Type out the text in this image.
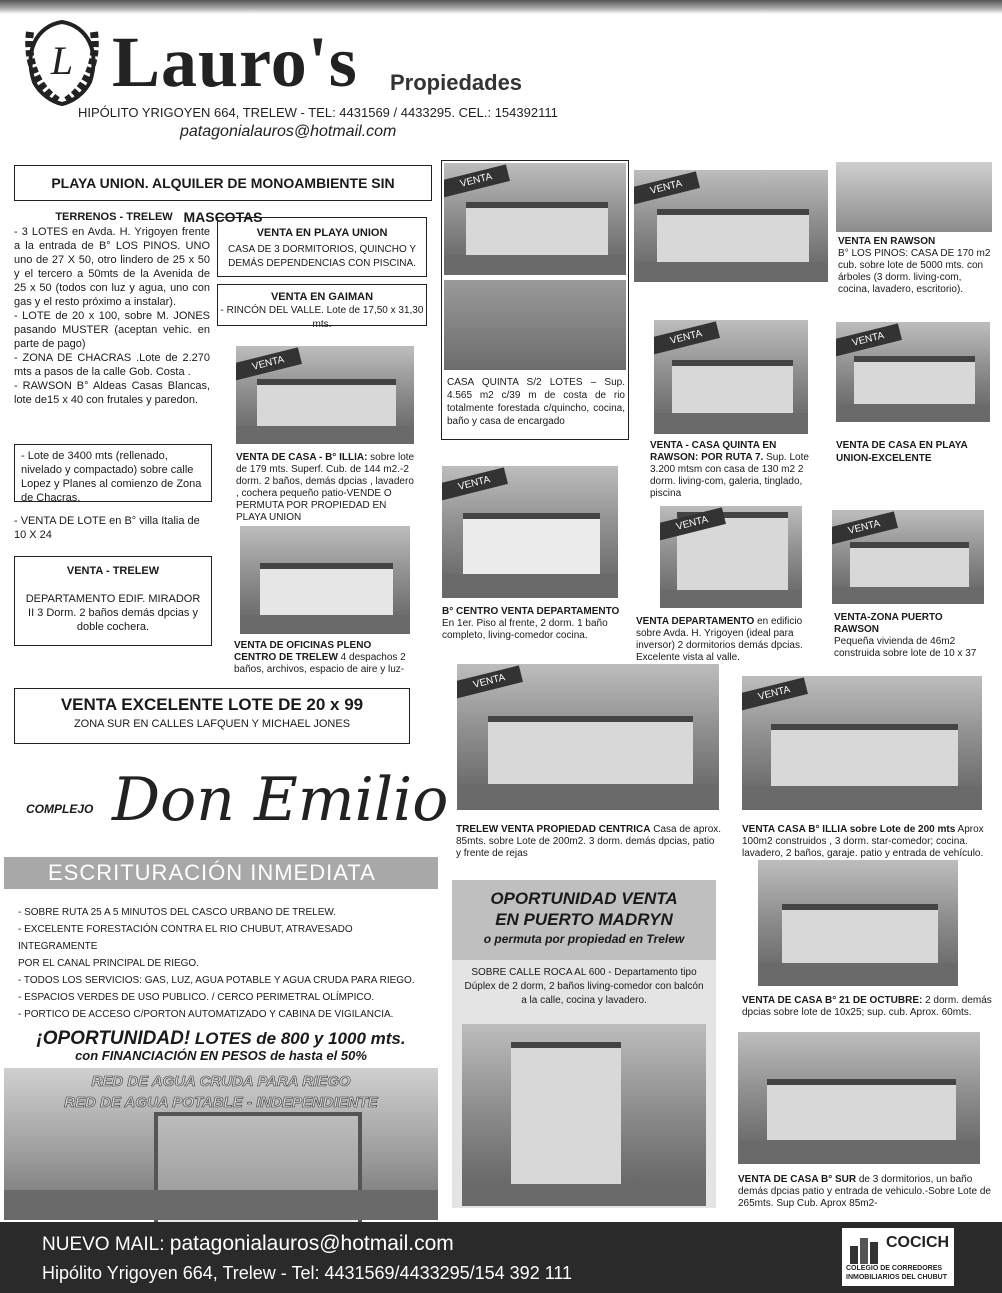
L Lauro's Propiedades
HIPÓLITO YRIGOYEN 664, TRELEW - TEL: 4431569 / 4433295. CEL.: 154392111
patagonialauros@hotmail.com
PLAYA UNION. ALQUILER DE MONOAMBIENTE SIN MASCOTAS
TERRENOS - TRELEW
- 3 LOTES en Avda. H. Yrigoyen frente a la entrada de B° LOS PINOS. UNO uno de 27 X 50, otro lindero de 25 x 50 y el tercero a 50mts de la Avenida de 25 x 50 (todos con luz y agua, uno con gas y el resto próximo a instalar).
- LOTE de 20 x 100, sobre M. JONES pasando MUSTER (aceptan vehic. en parte de pago)
- ZONA DE CHACRAS .Lote de 2.270 mts a pasos de la calle Gob. Costa .
- RAWSON B° Aldeas Casas Blancas, lote de15 x 40 con frutales y paredon.
- Lote de 3400 mts (rellenado, nivelado y compactado) sobre calle Lopez y Planes al comienzo de Zona de Chacras.
- VENTA DE LOTE en B° villa Italia de 10 X 24
VENTA - TRELEW
DEPARTAMENTO EDIF. MIRADOR II 3 Dorm. 2 baños demás dpcias y doble cochera.
VENTA EXCELENTE LOTE DE 20 x 99
ZONA SUR EN CALLES LAFQUEN Y MICHAEL JONES
VENTA EN PLAYA UNION
CASA DE 3 DORMITORIOS, QUINCHO Y DEMÁS DEPENDENCIAS CON PISCINA.
VENTA EN GAIMAN
- RINCÓN DEL VALLE. Lote de 17,50 x 31,30 mts.
VENTA
VENTA DE CASA - B° ILLIA: sobre lote de 179 mts. Superf. Cub. de 144 m2.-2 dorm. 2 baños, demás dpcias , lavadero , cochera pequeño patio-VENDE O PERMUTA POR PROPIEDAD EN PLAYA UNION
VENTA DE OFICINAS PLENO CENTRO DE TRELEW 4 despachos 2 baños, archivos, espacio de aire y luz-
VENTA
CASA QUINTA S/2 LOTES – Sup. 4.565 m2 c/39 m de costa de rio totalmente forestada c/quincho, cocina, baño y casa de encargado
VENTA
VENTA EN RAWSON
B° LOS PINOS: CASA DE 170 m2 cub. sobre lote de 5000 mts. con árboles (3 dorm. living-com, cocina, lavadero, escritorio).
VENTA
VENTA - CASA QUINTA EN RAWSON: POR RUTA 7. Sup. Lote 3.200 mtsm con casa de 130 m2 2 dorm. living-com, galeria, tinglado, piscina
VENTA
VENTA DE CASA EN PLAYA UNION-EXCELENTE
VENTA
B° CENTRO VENTA DEPARTAMENTO En 1er. Piso al frente, 2 dorm. 1 baño completo, living-comedor cocina.
VENTA
VENTA DEPARTAMENTO en edificio sobre Avda. H. Yrigoyen (ideal para inversor) 2 dormitorios demás dpcias. Excelente vista al valle.
VENTA
VENTA-ZONA PUERTO RAWSON
Pequeña vivienda de 46m2 construida sobre lote de 10 x 37
VENTA
TRELEW VENTA PROPIEDAD CENTRICA Casa de aprox. 85mts. sobre Lote de 200m2. 3 dorm. demás dpcias, patio y frente de rejas
VENTA
VENTA CASA B° ILLIA sobre Lote de 200 mts Aprox 100m2 construidos , 3 dorm. star-comedor; cocina. lavadero, 2 baños, garaje. patio y entrada de vehículo.
VENTA DE CASA B° 21 DE OCTUBRE: 2 dorm. demás dpcias sobre lote de 10x25; sup. cub. Aprox. 60mts.
VENTA DE CASA B° SUR de 3 dormitorios, un baño demás dpcias patio y entrada de vehiculo.-Sobre Lote de 265mts. Sup Cub. Aprox 85m2-
OPORTUNIDAD VENTA
EN PUERTO MADRYN
o permuta por propiedad en Trelew
SOBRE CALLE ROCA AL 600 - Departamento tipo Dúplex de 2 dorm, 2 baños living-comedor con balcón a la calle, cocina y lavadero.
COMPLEJO Don Emilio
ESCRITURACIÓN INMEDIATA
- SOBRE RUTA 25 A 5 MINUTOS DEL CASCO URBANO DE TRELEW.
- EXCELENTE FORESTACIÓN CONTRA EL RIO CHUBUT, ATRAVESADO INTEGRAMENTE
POR EL CANAL PRINCIPAL DE RIEGO.
- TODOS LOS SERVICIOS: GAS, LUZ, AGUA POTABLE Y AGUA CRUDA PARA RIEGO.
- ESPACIOS VERDES DE USO PUBLICO. / CERCO PERIMETRAL OLÍMPICO.
- PORTICO DE ACCESO C/PORTON AUTOMATIZADO Y CABINA DE VIGILANCIA.
¡OPORTUNIDAD! LOTES de 800 y 1000 mts.
con FINANCIACIÓN EN PESOS de hasta el 50%
RED DE AGUA CRUDA PARA RIEGO
RED DE AGUA POTABLE - INDEPENDIENTE
NUEVO MAIL: patagonialauros@hotmail.com
Hipólito Yrigoyen 664, Trelew - Tel: 4431569/4433295/154 392 111
COCICH
COLEGIO DE CORREDORES
INMOBILIARIOS DEL CHUBUT
